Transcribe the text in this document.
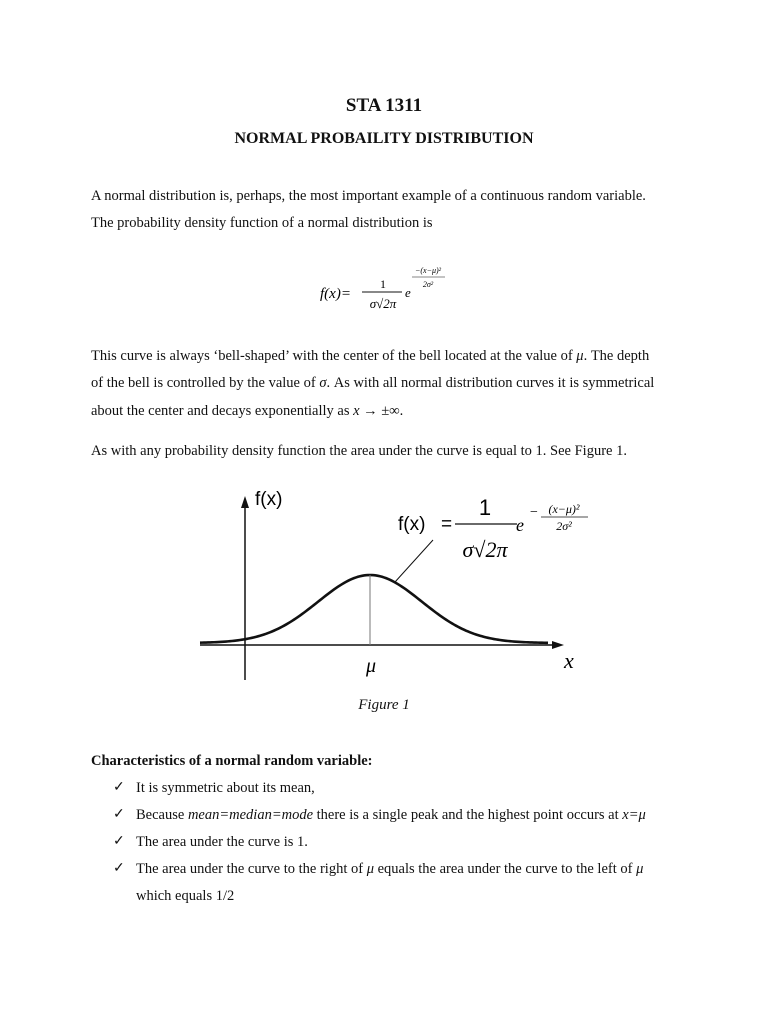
STA 1311
NORMAL PROBAILITY DISTRIBUTION
A normal distribution is, perhaps, the most important example of a continuous random variable.
The probability density function of a normal distribution is
f(x)=
1
σ√2π
e
−(x−μ)²
2σ²
This curve is always ‘bell-shaped’ with the center of the bell located at the value of μ. The depth
of the bell is controlled by the value of σ. As with all normal distribution curves it is symmetrical
about the center and decays exponentially as x → ±∞.
As with any probability density function the area under the curve is equal to 1. See Figure 1.
f(x)
x
μ
f(x) =
1
σ√2π
e
− (x−μ)²
2σ²
Figure 1
Characteristics of a normal random variable:
✓ It is symmetric about its mean,
✓ Because mean=median=mode there is a single peak and the highest point occurs at x=μ
✓ The area under the curve is 1.
✓ The area under the curve to the right of μ equals the area under the curve to the left of μ
which equals 1/2
